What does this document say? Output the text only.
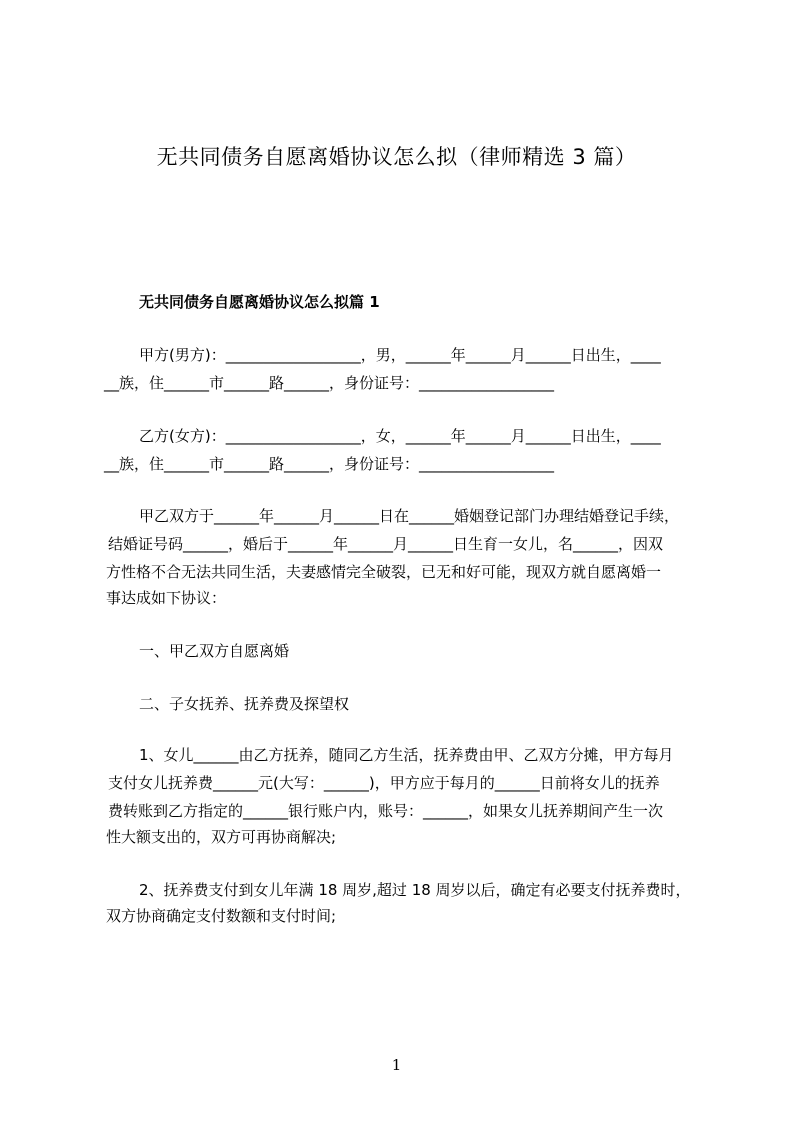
无共同债务自愿离婚协议怎么拟（律师精选 3 篇）
无共同债务自愿离婚协议怎么拟篇 1
甲方(男方)：__________________，男，______年______月______日出生，____
__族，住______市______路______，身份证号：__________________
乙方(女方)：__________________，女，______年______月______日出生，____
__族，住______市______路______，身份证号：__________________
甲乙双方于______年______月______日在______婚姻登记部门办理结婚登记手续，
结婚证号码______，婚后于______年______月______日生育一女儿，名______，因双
方性格不合无法共同生活，夫妻感情完全破裂，已无和好可能，现双方就自愿离婚一
事达成如下协议：
一、甲乙双方自愿离婚
二、子女抚养、抚养费及探望权
1、女儿______由乙方抚养，随同乙方生活，抚养费由甲、乙双方分摊，甲方每月
支付女儿抚养费______元(大写：______)，甲方应于每月的______日前将女儿的抚养
费转账到乙方指定的______银行账户内，账号：______，如果女儿抚养期间产生一次
性大额支出的，双方可再协商解决;
2、抚养费支付到女儿年满 18 周岁,超过 18 周岁以后，确定有必要支付抚养费时，
双方协商确定支付数额和支付时间;
1
